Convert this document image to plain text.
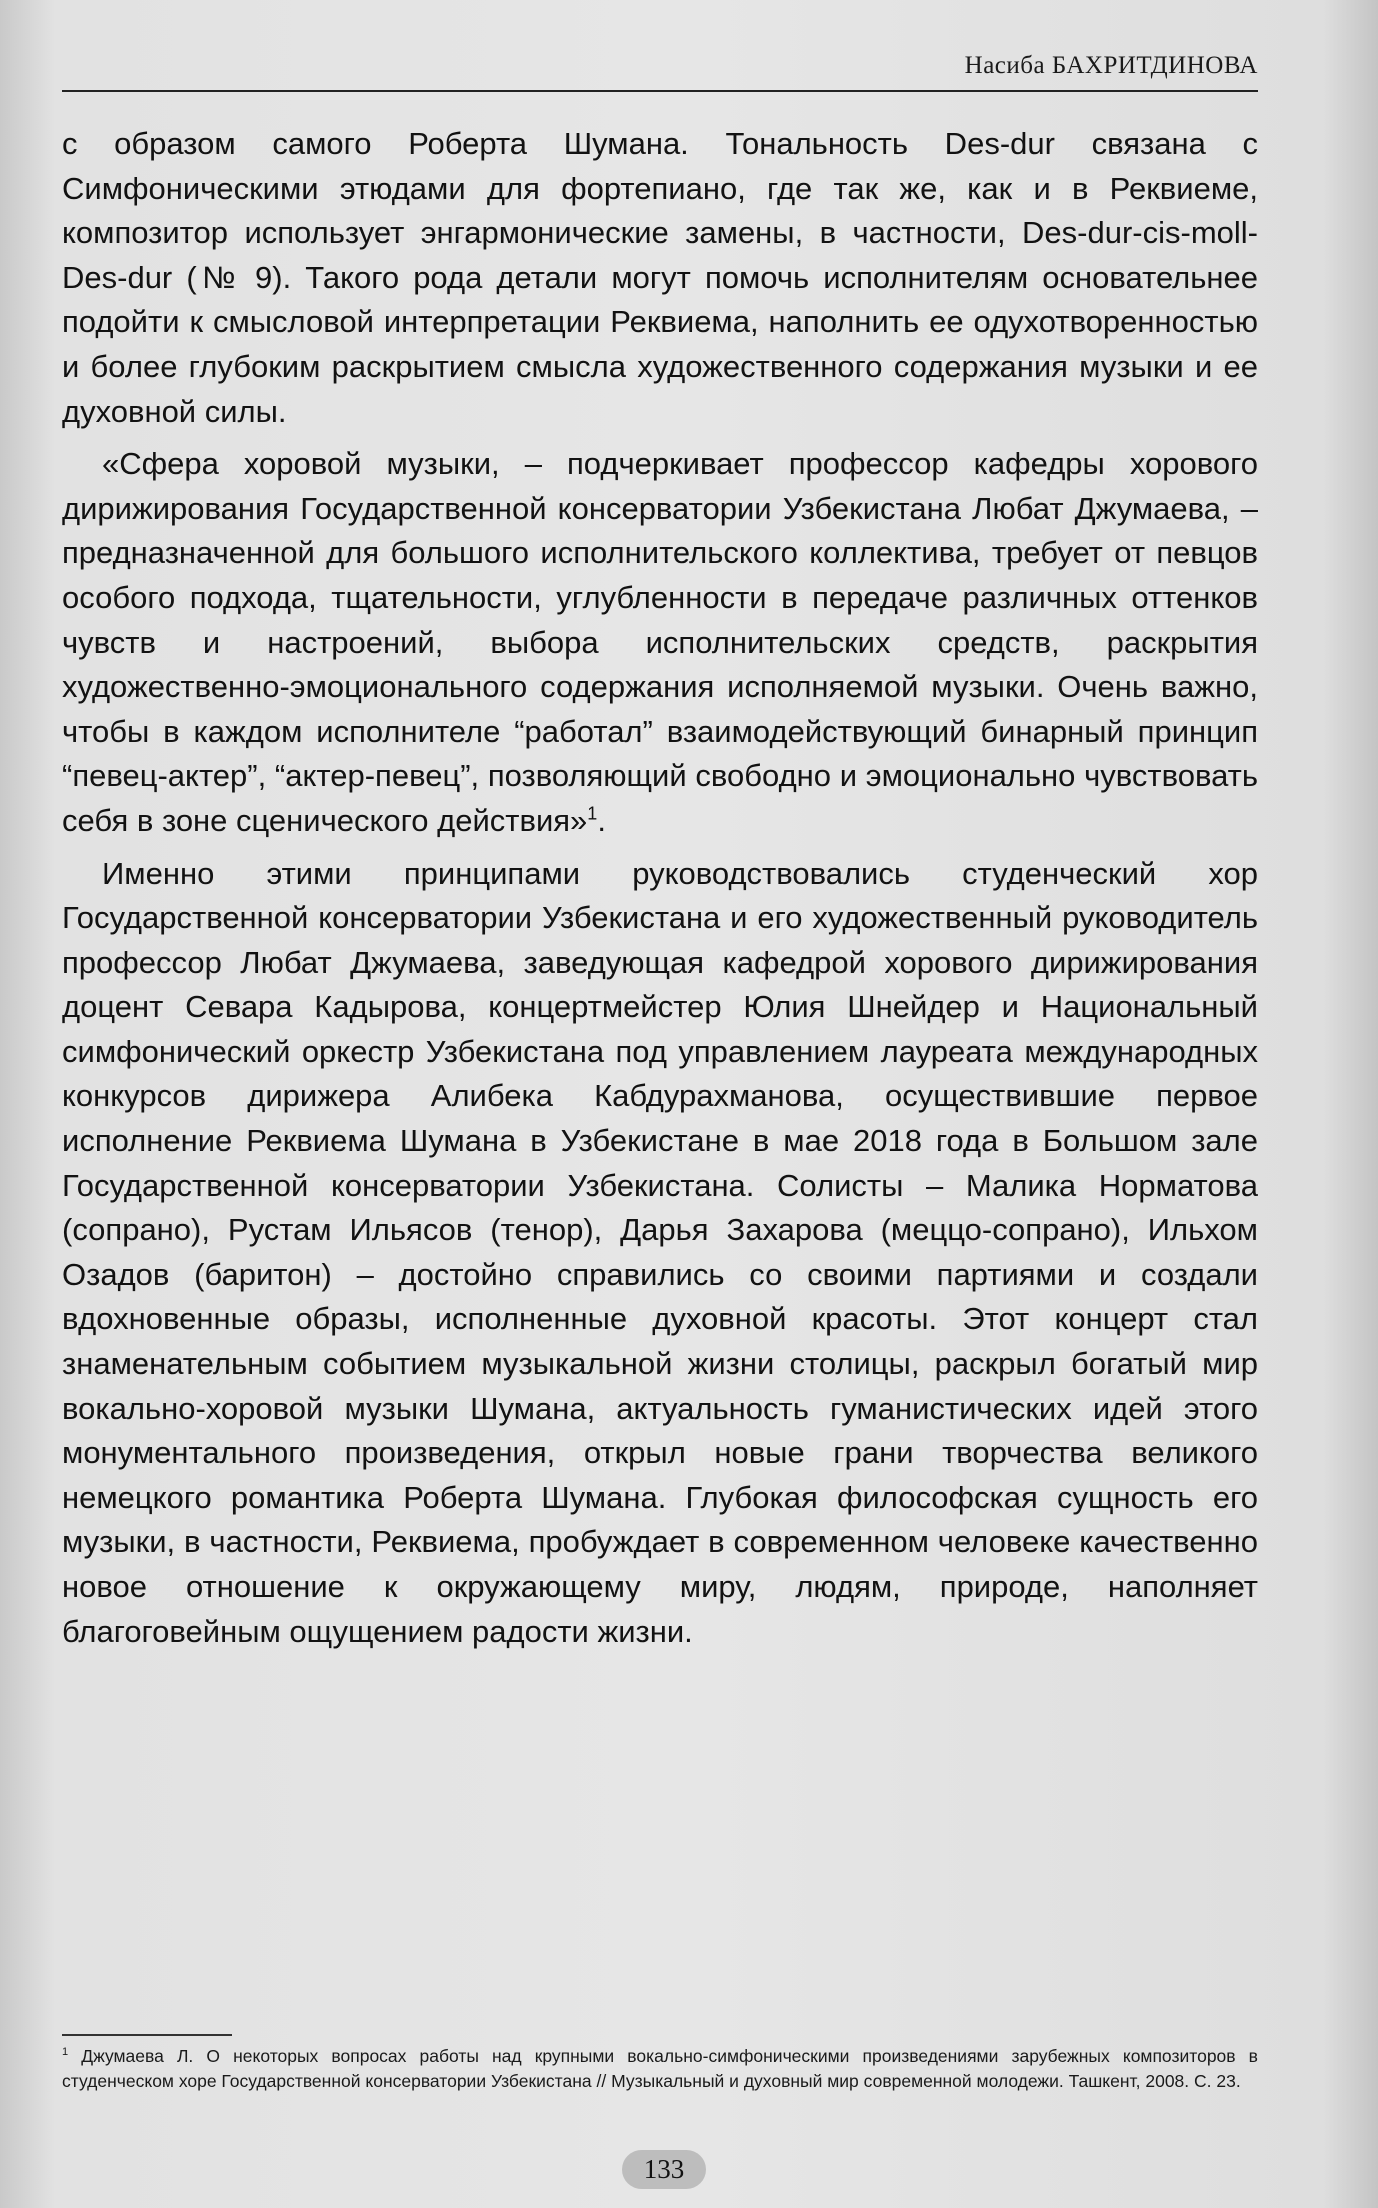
Насиба БАХРИТДИНОВА

с образом самого Роберта Шумана. Тональность Des-dur связана с Симфоническими этюдами для фортепиано, где так же, как и в Реквиеме, композитор использует энгармонические замены, в частности, Des-dur-cis-moll-Des-dur (№ 9). Такого рода детали могут помочь исполнителям основательнее подойти к смысловой интерпретации Реквиема, наполнить ее одухотворенностью и более глубоким раскрытием смысла художественного содержания музыки и ее духовной силы.

«Сфера хоровой музыки, – подчеркивает профессор кафедры хорового дирижирования Государственной консерватории Узбекистана Любат Джумаева, – предназначенной для большого исполнительского коллектива, требует от певцов особого подхода, тщательности, углубленности в передаче различных оттенков чувств и настроений, выбора исполнительских средств, раскрытия художественно-эмоционального содержания исполняемой музыки. Очень важно, чтобы в каждом исполнителе “работал” взаимодействующий бинарный принцип “певец-актер”, “актер-певец”, позволяющий свободно и эмоционально чувствовать себя в зоне сценического действия»$^1$.

Именно этими принципами руководствовались студенческий хор Государственной консерватории Узбекистана и его художественный руководитель профессор Любат Джумаева, заведующая кафедрой хорового дирижирования доцент Севара Кадырова, концертмейстер Юлия Шнейдер и Национальный симфонический оркестр Узбекистана под управлением лауреата международных конкурсов дирижера Алибека Кабдурахманова, осуществившие первое исполнение Реквиема Шумана в Узбекистане в мае 2018 года в Большом зале Государственной консерватории Узбекистана. Солисты – Малика Норматова (сопрано), Рустам Ильясов (тенор), Дарья Захарова (меццо-сопрано), Ильхом Озадов (баритон) – достойно справились со своими партиями и создали вдохновенные образы, исполненные духовной красоты. Этот концерт стал знаменательным событием музыкальной жизни столицы, раскрыл богатый мир вокально-хоровой музыки Шумана, актуальность гуманистических идей этого монументального произведения, открыл новые грани творчества великого немецкого романтика Роберта Шумана. Глубокая философская сущность его музыки, в частности, Реквиема, пробуждает в современном человеке качественно новое отношение к окружающему миру, людям, природе, наполняет благоговейным ощущением радости жизни.

$^1$ Джумаева Л. О некоторых вопросах работы над крупными вокально-симфоническими произведениями зарубежных композиторов в студенческом хоре Государственной консерватории Узбекистана // Музыкальный и духовный мир современной молодежи. Ташкент, 2008. С. 23.
133
